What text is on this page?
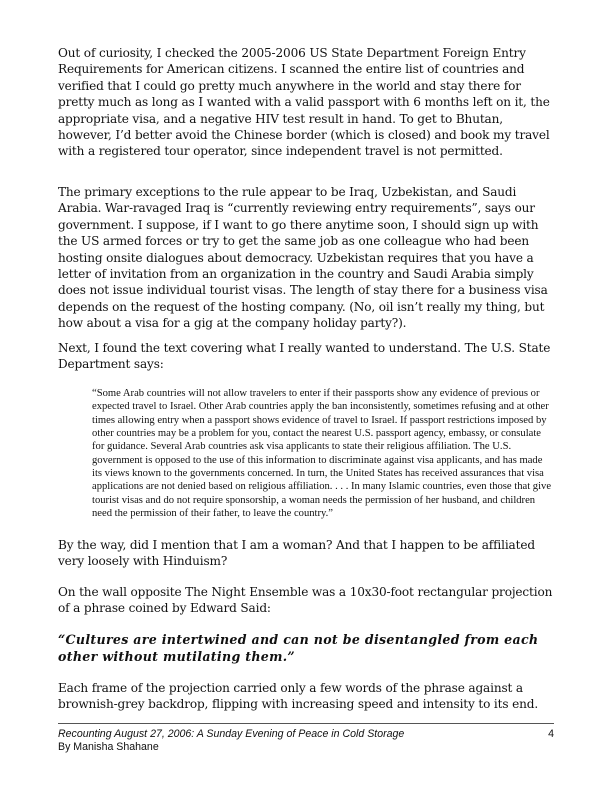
Out of curiosity, I checked the 2005-2006 US State Department Foreign Entry Requirements for American citizens. I scanned the entire list of countries and verified that I could go pretty much anywhere in the world and stay there for pretty much as long as I wanted with a valid passport with 6 months left on it, the appropriate visa, and a negative HIV test result in hand. To get to Bhutan, however, I’d better avoid the Chinese border (which is closed) and book my travel with a registered tour operator, since independent travel is not permitted.

The primary exceptions to the rule appear to be Iraq, Uzbekistan, and Saudi Arabia. War-ravaged Iraq is “currently reviewing entry requirements”, says our government. I suppose, if I want to go there anytime soon, I should sign up with the US armed forces or try to get the same job as one colleague who had been hosting onsite dialogues about democracy. Uzbekistan requires that you have a letter of invitation from an organization in the country and Saudi Arabia simply does not issue individual tourist visas. The length of stay there for a business visa depends on the request of the hosting company. (No, oil isn’t really my thing, but how about a visa for a gig at the company holiday party?).

Next, I found the text covering what I really wanted to understand. The U.S. State Department says:

“Some Arab countries will not allow travelers to enter if their passports show any evidence of previous or expected travel to Israel. Other Arab countries apply the ban inconsistently, sometimes refusing and at other times allowing entry when a passport shows evidence of travel to Israel. If passport restrictions imposed by other countries may be a problem for you, contact the nearest U.S. passport agency, embassy, or consulate for guidance. Several Arab countries ask visa applicants to state their religious affiliation. The U.S. government is opposed to the use of this information to discriminate against visa applicants, and has made its views known to the governments concerned. In turn, the United States has received assurances that visa applications are not denied based on religious affiliation. . . . In many Islamic countries, even those that give tourist visas and do not require sponsorship, a woman needs the permission of her husband, and children need the permission of their father, to leave the country.”

By the way, did I mention that I am a woman? And that I happen to be affiliated very loosely with Hinduism?

On the wall opposite The Night Ensemble was a 10x30-foot rectangular projection of a phrase coined by Edward Said:

“Cultures are intertwined and can not be disentangled from each other without mutilating them.”

Each frame of the projection carried only a few words of the phrase against a brownish-grey backdrop, flipping with increasing speed and intensity to its end.

Recounting August 27, 2006: A Sunday Evening of Peace in Cold Storage

By Manisha Shahane

4
